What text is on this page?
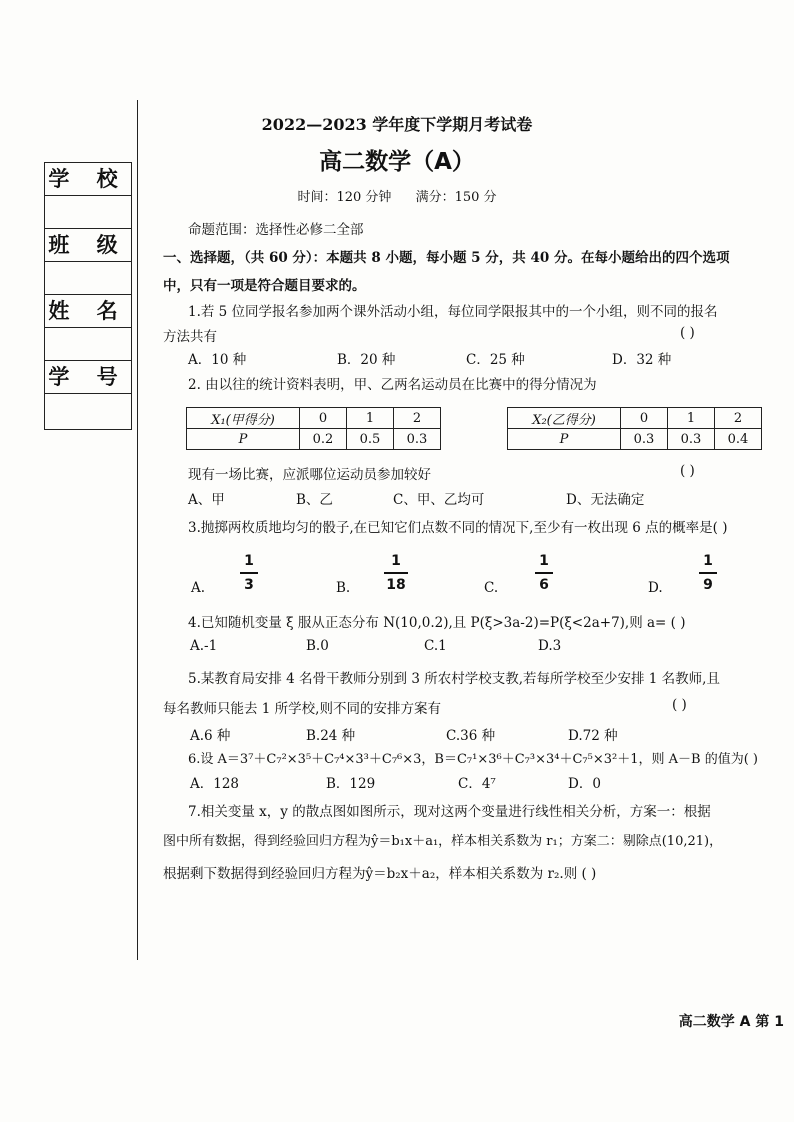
学 校
班 级
姓 名
学 号
2022—2023 学年度下学期月考试卷
高二数学（A）
时间：120 分钟 满分：150 分
命题范围：选择性必修二全部
一、选择题，（共 60 分）：本题共 8 小题，每小题 5 分，共 40 分。在每小题给出的四个选项
中，只有一项是符合题目要求的。
1.若 5 位同学报名参加两个课外活动小组，每位同学限报其中的一个小组，则不同的报名
方法共有	( )
A．10 种	B．20 种	C．25 种	D．32 种
2. 由以往的统计资料表明，甲、乙两名运动员在比赛中的得分情况为
X₁(甲得分)	0	1	2
P	0.2	0.5	0.3
X₂(乙得分)	0	1	2
P	0.3	0.3	0.4
现有一场比赛，应派哪位运动员参加较好	( )
A、甲	B、乙	C、甲、乙均可	D、无法确定
3.抛掷两枚质地均匀的骰子,在已知它们点数不同的情况下,至少有一枚出现 6 点的概率是( )
A.
1
3	B.
1
18	C.
1
6	D.
1
9
4.已知随机变量 ξ 服从正态分布 N(10,0.2),且 P(ξ>3a-2)=P(ξ<2a+7),则 a= ( )
A.-1	B.0	C.1	D.3
5.某教育局安排 4 名骨干教师分别到 3 所农村学校支教,若每所学校至少安排 1 名教师,且
每名教师只能去 1 所学校,则不同的安排方案有	( )
A.6 种	B.24 种	C.36 种	D.72 种
6.设 A＝3⁷＋C₇²×3⁵＋C₇⁴×3³＋C₇⁶×3，B＝C₇¹×3⁶＋C₇³×3⁴＋C₇⁵×3²＋1，则 A－B 的值为( )
A．128	B．129	C．4⁷	D．0
7.相关变量 x，y 的散点图如图所示，现对这两个变量进行线性相关分析，方案一：根据
图中所有数据，得到经验回归方程为ŷ＝b₁x＋a₁，样本相关系数为 r₁；方案二：剔除点(10,21)，
根据剩下数据得到经验回归方程为ŷ＝b₂x＋a₂，样本相关系数为 r₂.则 ( )
高二数学 A 第 1
